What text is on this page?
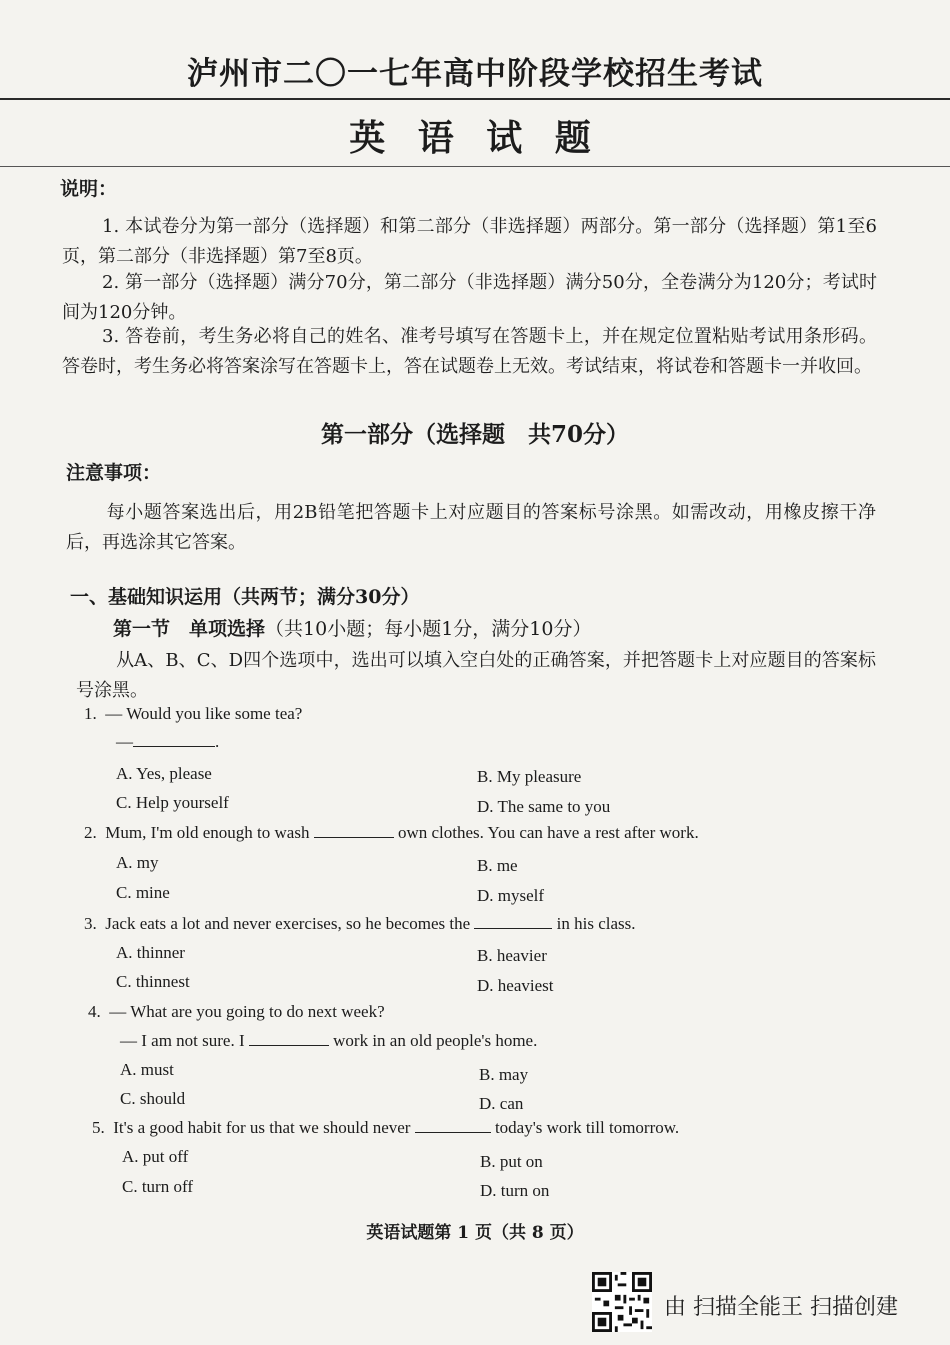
泸州市二〇一七年高中阶段学校招生考试
英 语 试 题
说明：
1. 本试卷分为第一部分（选择题）和第二部分（非选择题）两部分。第一部分（选择题）第1至6页，第二部分（非选择题）第7至8页。
2. 第一部分（选择题）满分70分，第二部分（非选择题）满分50分，全卷满分为120分；考试时间为120分钟。
3. 答卷前，考生务必将自己的姓名、准考号填写在答题卡上，并在规定位置粘贴考试用条形码。答卷时，考生务必将答案涂写在答题卡上，答在试题卷上无效。考试结束，将试卷和答题卡一并收回。
第一部分（选择题　共70分）
注意事项：
每小题答案选出后，用2B铅笔把答题卡上对应题目的答案标号涂黑。如需改动，用橡皮擦干净后，再选涂其它答案。
一、基础知识运用（共两节；满分30分）
第一节　单项选择（共10小题；每小题1分，满分10分）
从A、B、C、D四个选项中，选出可以填入空白处的正确答案，并把答题卡上对应题目的答案标号涂黑。
1. — Would you like some tea?
—	.
A. Yes, please	B. My pleasure
C. Help yourself	D. The same to you
2. Mum, I'm old enough to wash	own clothes. You can have a rest after work.
A. my	B. me
C. mine	D. myself
3. Jack eats a lot and never exercises, so he becomes the	in his class.
A. thinner	B. heavier
C. thinnest	D. heaviest
4. — What are you going to do next week?
— I am not sure. I	work in an old people's home.
A. must	B. may
C. should	D. can
5. It's a good habit for us that we should never	today's work till tomorrow.
A. put off	B. put on
C. turn off	D. turn on
英语试题第 1 页（共 8 页）
由 扫描全能王 扫描创建
